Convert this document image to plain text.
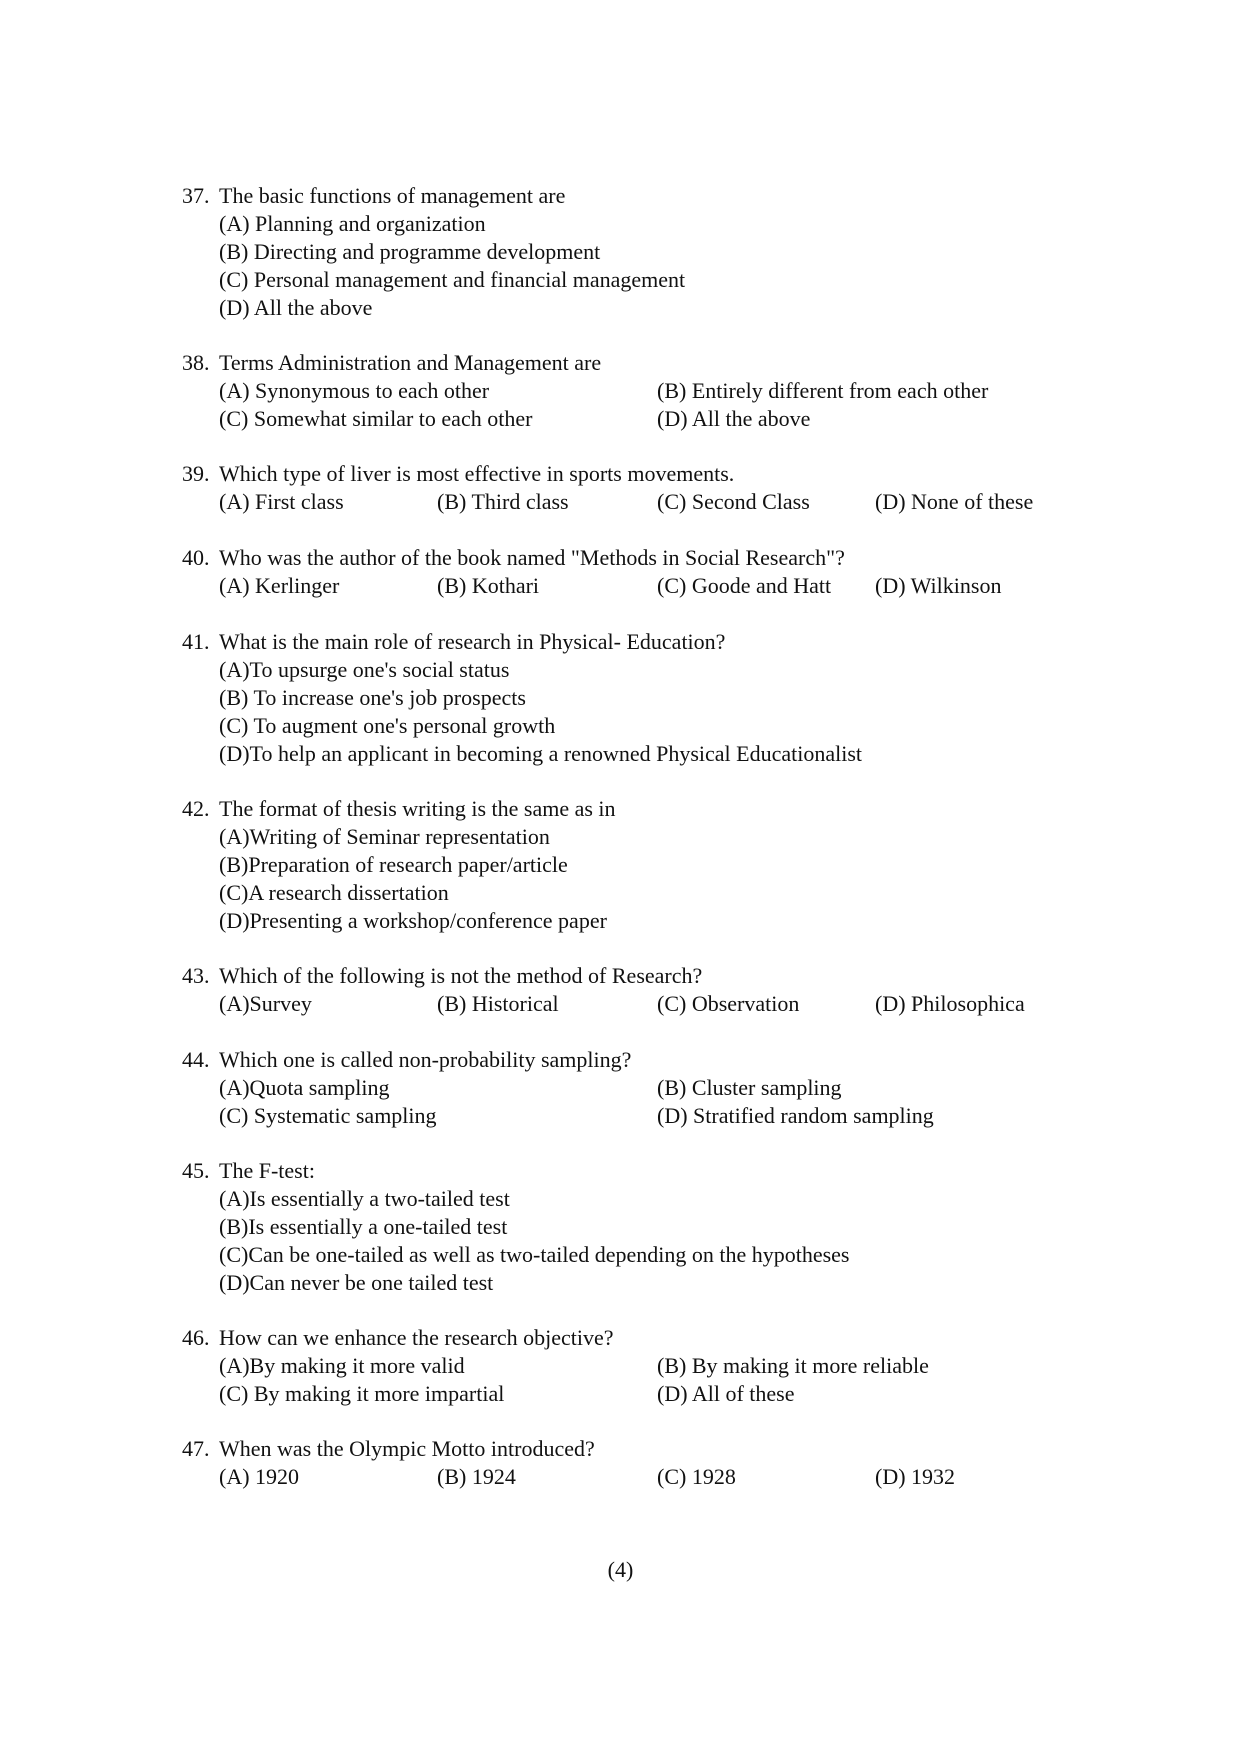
37. The basic functions of management are
(A) Planning and organization
(B) Directing and programme development
(C) Personal management and financial management
(D) All the above
38. Terms Administration and Management are
(A) Synonymous to each other	(B) Entirely different from each other
(C) Somewhat similar to each other	(D) All the above
39. Which type of liver is most effective in sports movements.
(A) First class	(B) Third class	(C) Second Class	(D) None of these
40. Who was the author of the book named "Methods in Social Research"?
(A) Kerlinger	(B) Kothari	(C) Goode and Hatt (D) Wilkinson
41. What is the main role of research in Physical- Education?
(A)To upsurge one's social status
(B) To increase one's job prospects
(C) To augment one's personal growth
(D)To help an applicant in becoming a renowned Physical Educationalist
42. The format of thesis writing is the same as in
(A)Writing of Seminar representation
(B)Preparation of research paper/article
(C)A research dissertation
(D)Presenting a workshop/conference paper
43. Which of the following is not the method of Research?
(A)Survey	(B) Historical	(C) Observation	(D) Philosophica
44. Which one is called non-probability sampling?
(A)Quota sampling	(B) Cluster sampling
(C) Systematic sampling	(D) Stratified random sampling
45. The F-test:
(A)Is essentially a two-tailed test
(B)Is essentially a one-tailed test
(C)Can be one-tailed as well as two-tailed depending on the hypotheses
(D)Can never be one tailed test
46. How can we enhance the research objective?
(A)By making it more valid	(B) By making it more reliable
(C) By making it more impartial	(D) All of these
47. When was the Olympic Motto introduced?
(A) 1920	(B) 1924	(C) 1928	(D) 1932
(4)
